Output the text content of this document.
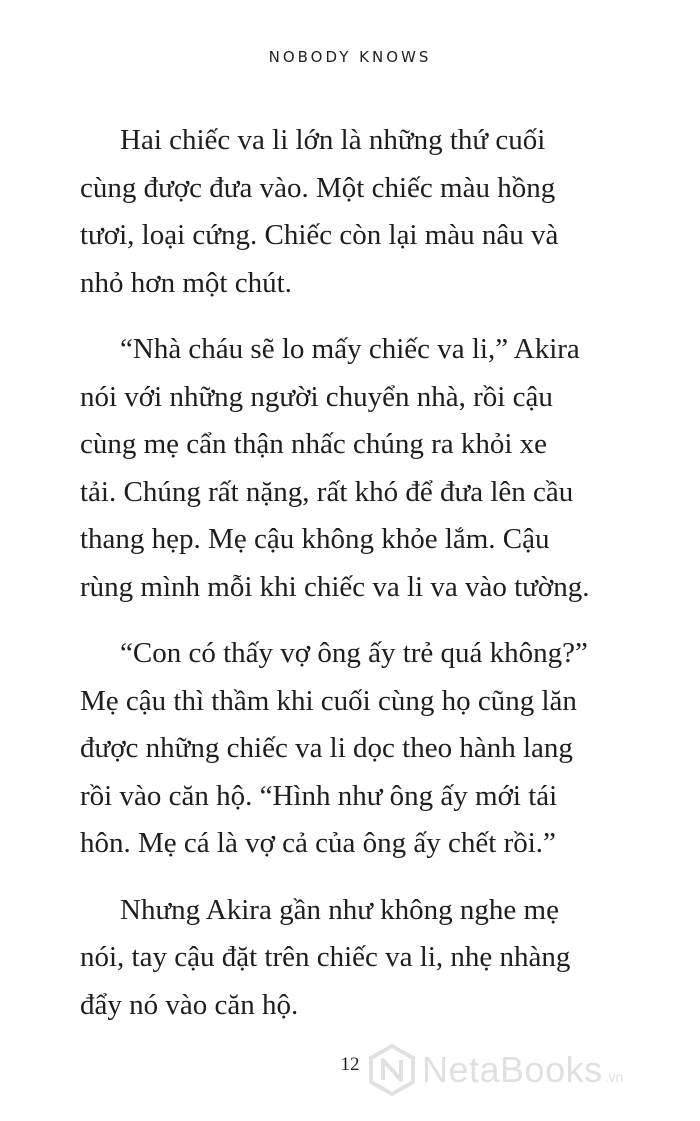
NOBODY KNOWS

Hai chiếc va li lớn là những thứ cuối
cùng được đưa vào. Một chiếc màu hồng
tươi, loại cứng. Chiếc còn lại màu nâu và
nhỏ hơn một chút.

“Nhà cháu sẽ lo mấy chiếc va li,” Akira
nói với những người chuyển nhà, rồi cậu
cùng mẹ cẩn thận nhấc chúng ra khỏi xe
tải. Chúng rất nặng, rất khó để đưa lên cầu
thang hẹp. Mẹ cậu không khỏe lắm. Cậu
rùng mình mỗi khi chiếc va li va vào tường.

“Con có thấy vợ ông ấy trẻ quá không?”
Mẹ cậu thì thầm khi cuối cùng họ cũng lăn
được những chiếc va li dọc theo hành lang
rồi vào căn hộ. “Hình như ông ấy mới tái
hôn. Mẹ cá là vợ cả của ông ấy chết rồi.”

Nhưng Akira gần như không nghe mẹ
nói, tay cậu đặt trên chiếc va li, nhẹ nhàng
đẩy nó vào căn hộ.

12	NetaBooks .vn
